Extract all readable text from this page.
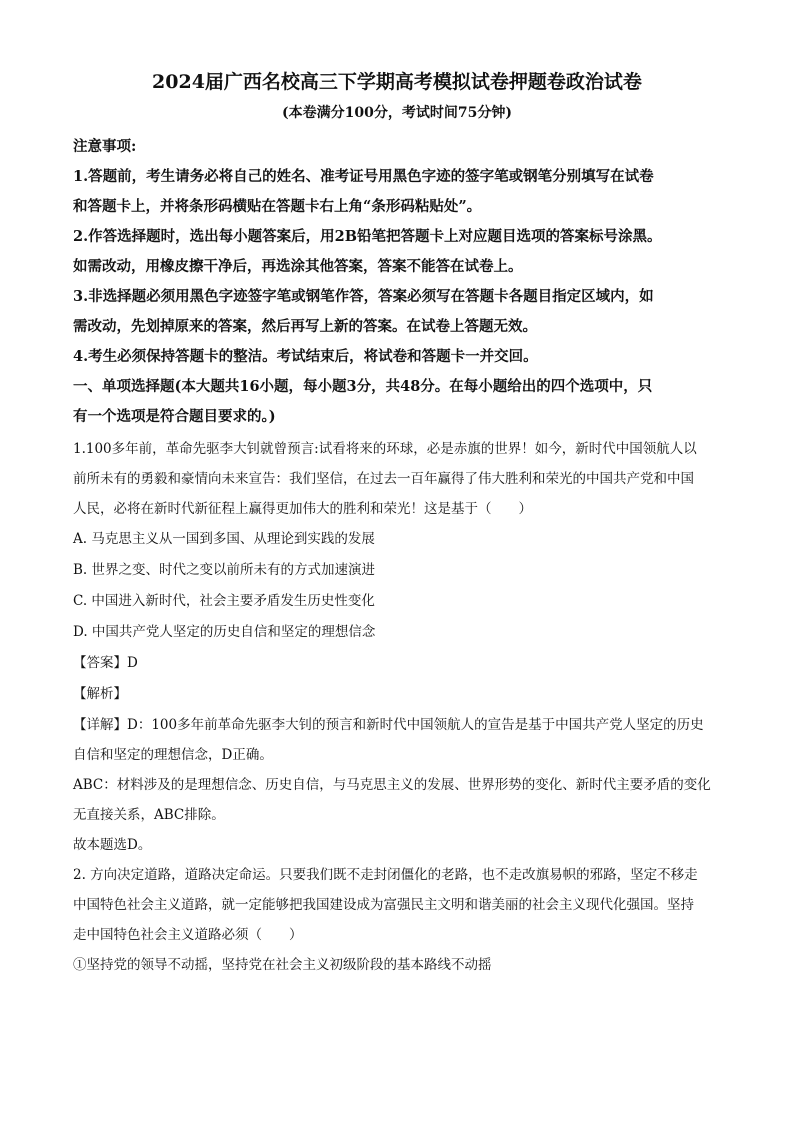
2024届广西名校高三下学期高考模拟试卷押题卷政治试卷

(本卷满分100分，考试时间75分钟)

注意事项:

1.答题前，考生请务必将自己的姓名、准考证号用黑色字迹的签字笔或钢笔分别填写在试卷

和答题卡上，并将条形码横贴在答题卡右上角“条形码粘贴处”。

2.作答选择题时，选出每小题答案后，用2B铅笔把答题卡上对应题目选项的答案标号涂黑。

如需改动，用橡皮擦干净后，再选涂其他答案，答案不能答在试卷上。

3.非选择题必须用黑色字迹签字笔或钢笔作答，答案必须写在答题卡各题目指定区域内，如

需改动，先划掉原来的答案，然后再写上新的答案。在试卷上答题无效。

4.考生必须保持答题卡的整洁。考试结束后，将试卷和答题卡一并交回。

一、单项选择题(本大题共16小题，每小题3分，共48分。在每小题给出的四个选项中，只

有一个选项是符合题目要求的。)

1.100多年前，革命先驱李大钊就曾预言:试看将来的环球，必是赤旗的世界！如今，新时代中国领航人以

前所未有的勇毅和豪情向未来宣告：我们坚信，在过去一百年赢得了伟大胜利和荣光的中国共产党和中国

人民，必将在新时代新征程上赢得更加伟大的胜利和荣光！这是基于（　　）

A. 马克思主义从一国到多国、从理论到实践的发展

B. 世界之变、时代之变以前所未有的方式加速演进

C. 中国进入新时代，社会主要矛盾发生历史性变化

D. 中国共产党人坚定的历史自信和坚定的理想信念

【答案】D

【解析】

【详解】D：100多年前革命先驱李大钊的预言和新时代中国领航人的宣告是基于中国共产党人坚定的历史

自信和坚定的理想信念，D正确。

ABC：材料涉及的是理想信念、历史自信，与马克思主义的发展、世界形势的变化、新时代主要矛盾的变化

无直接关系，ABC排除。

故本题选D。

2. 方向决定道路，道路决定命运。只要我们既不走封闭僵化的老路，也不走改旗易帜的邪路，坚定不移走

中国特色社会主义道路，就一定能够把我国建设成为富强民主文明和谐美丽的社会主义现代化强国。坚持

走中国特色社会主义道路必须（　　）

①坚持党的领导不动摇，坚持党在社会主义初级阶段的基本路线不动摇
